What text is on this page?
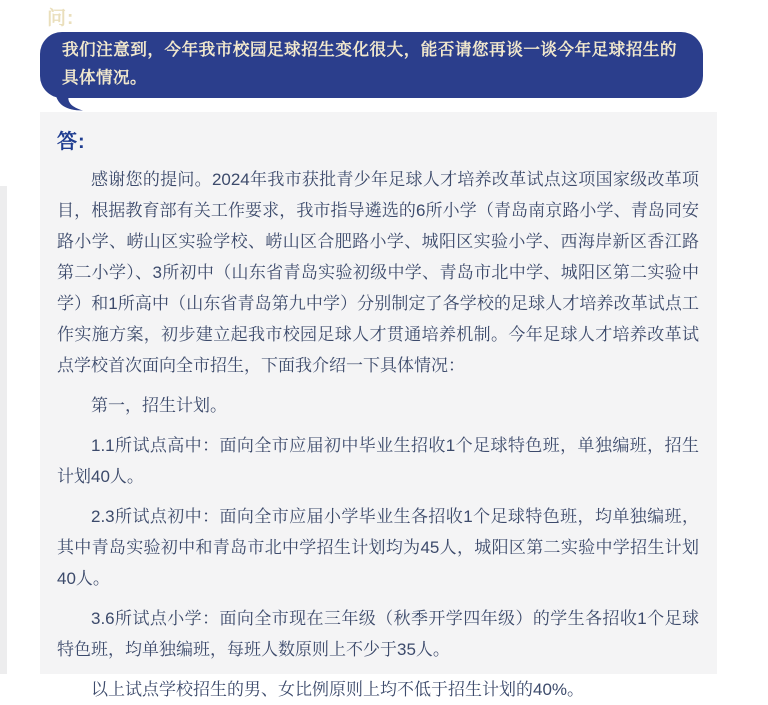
问:

我们注意到，今年我市校园足球招生变化很大，能否请您再谈一谈今年足球招生的具体情况。

答:

感谢您的提问。2024年我市获批青少年足球人才培养改革试点这项国家级改革项目，根据教育部有关工作要求，我市指导遴选的6所小学（青岛南京路小学、青岛同安路小学、崂山区实验学校、崂山区合肥路小学、城阳区实验小学、西海岸新区香江路第二小学）、3所初中（山东省青岛实验初级中学、青岛市北中学、城阳区第二实验中学）和1所高中（山东省青岛第九中学）分别制定了各学校的足球人才培养改革试点工作实施方案，初步建立起我市校园足球人才贯通培养机制。今年足球人才培养改革试点学校首次面向全市招生，下面我介绍一下具体情况：

第一，招生计划。

1.1所试点高中：面向全市应届初中毕业生招收1个足球特色班，单独编班，招生计划40人。

2.3所试点初中：面向全市应届小学毕业生各招收1个足球特色班，均单独编班，其中青岛实验初中和青岛市北中学招生计划均为45人，城阳区第二实验中学招生计划40人。

3.6所试点小学：面向全市现在三年级（秋季开学四年级）的学生各招收1个足球特色班，均单独编班，每班人数原则上不少于35人。

以上试点学校招生的男、女比例原则上均不低于招生计划的40%。
